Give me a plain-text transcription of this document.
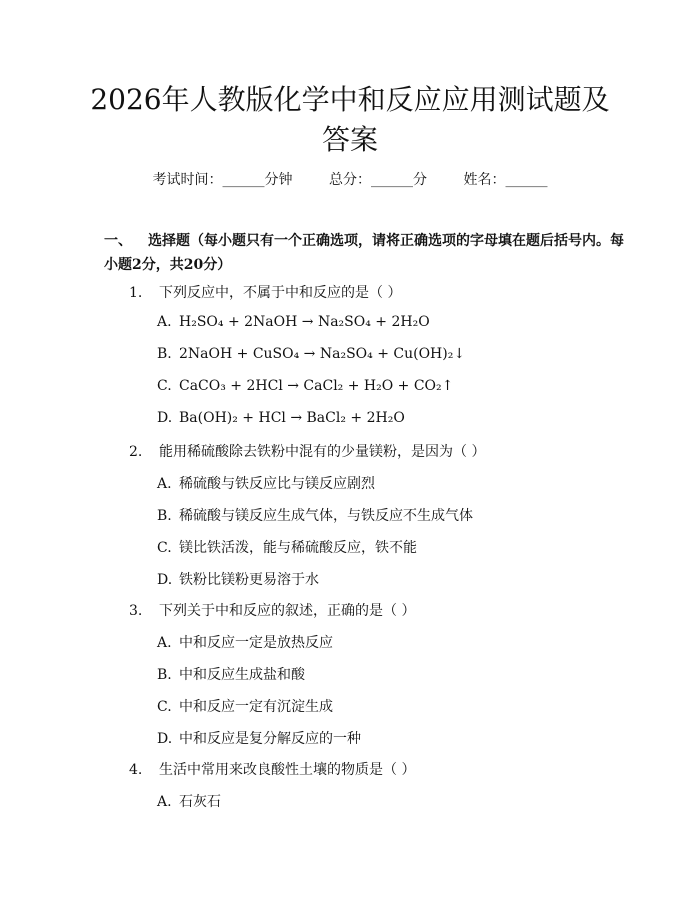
2026年人教版化学中和反应应用测试题及答案
考试时间：______分钟	总分：______分	姓名：______
一、 选择题（每小题只有一个正确选项，请将正确选项的字母填在题后括号内。每小题2分，共20分）
1. 下列反应中，不属于中和反应的是（ ）
A. H₂SO₄ + 2NaOH → Na₂SO₄ + 2H₂O
B. 2NaOH + CuSO₄ → Na₂SO₄ + Cu(OH)₂↓
C. CaCO₃ + 2HCl → CaCl₂ + H₂O + CO₂↑
D. Ba(OH)₂ + HCl → BaCl₂ + 2H₂O
2. 能用稀硫酸除去铁粉中混有的少量镁粉，是因为（ ）
A. 稀硫酸与铁反应比与镁反应剧烈
B. 稀硫酸与镁反应生成气体，与铁反应不生成气体
C. 镁比铁活泼，能与稀硫酸反应，铁不能
D. 铁粉比镁粉更易溶于水
3. 下列关于中和反应的叙述，正确的是（ ）
A. 中和反应一定是放热反应
B. 中和反应生成盐和酸
C. 中和反应一定有沉淀生成
D. 中和反应是复分解反应的一种
4. 生活中常用来改良酸性土壤的物质是（ ）
A. 石灰石
